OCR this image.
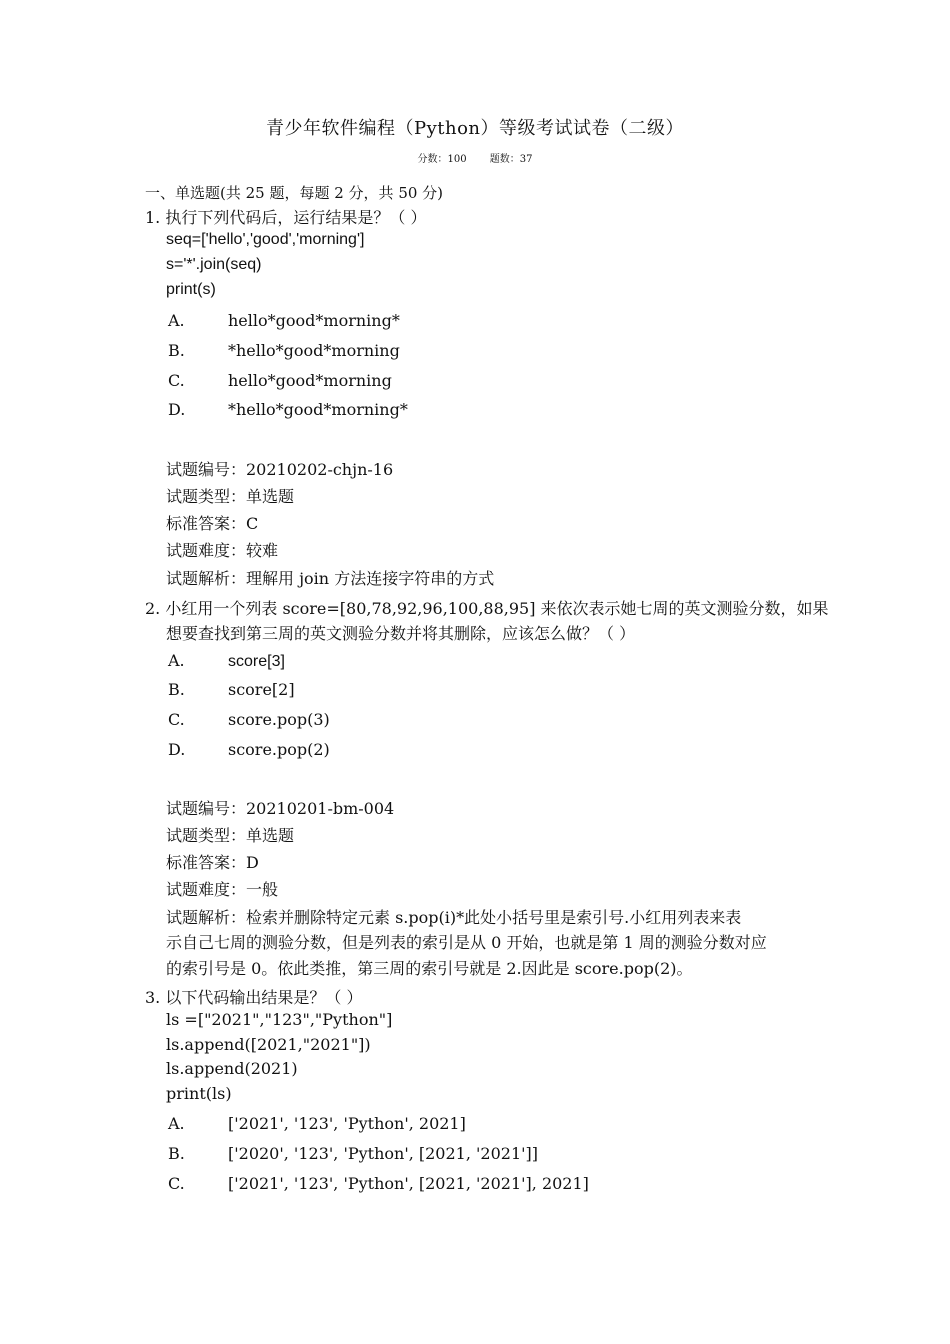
青少年软件编程（Python）等级考试试卷（二级）
分数：100 题数：37
一、单选题(共 25 题，每题 2 分，共 50 分)
1. 执行下列代码后，运行结果是？（ ）
seq=['hello','good','morning']
s='*'.join(seq)
print(s)
A.	hello*good*morning*
B.	*hello*good*morning
C.	hello*good*morning
D.	*hello*good*morning*
试题编号：20210202-chjn-16
试题类型：单选题
标准答案：C
试题难度：较难
试题解析：理解用 join 方法连接字符串的方式
2. 小红用一个列表 score=[80,78,92,96,100,88,95] 来依次表示她七周的英文测验分数，如果
想要查找到第三周的英文测验分数并将其删除，应该怎么做？（ ）
A.	score[3]
B.	score[2]
C.	score.pop(3)
D.	score.pop(2)
试题编号：20210201-bm-004
试题类型：单选题
标准答案：D
试题难度：一般
试题解析：检索并删除特定元素 s.pop(i)*此处小括号里是索引号.小红用列表来表
示自己七周的测验分数，但是列表的索引是从 0 开始，也就是第 1 周的测验分数对应
的索引号是 0。依此类推，第三周的索引号就是 2.因此是 score.pop(2)。
3. 以下代码输出结果是？（ ）
ls =["2021","123","Python"]
ls.append([2021,"2021"])
ls.append(2021)
print(ls)
A.	['2021', '123', 'Python', 2021]
B.	['2020', '123', 'Python', [2021, '2021']]
C.	['2021', '123', 'Python', [2021, '2021'], 2021]
